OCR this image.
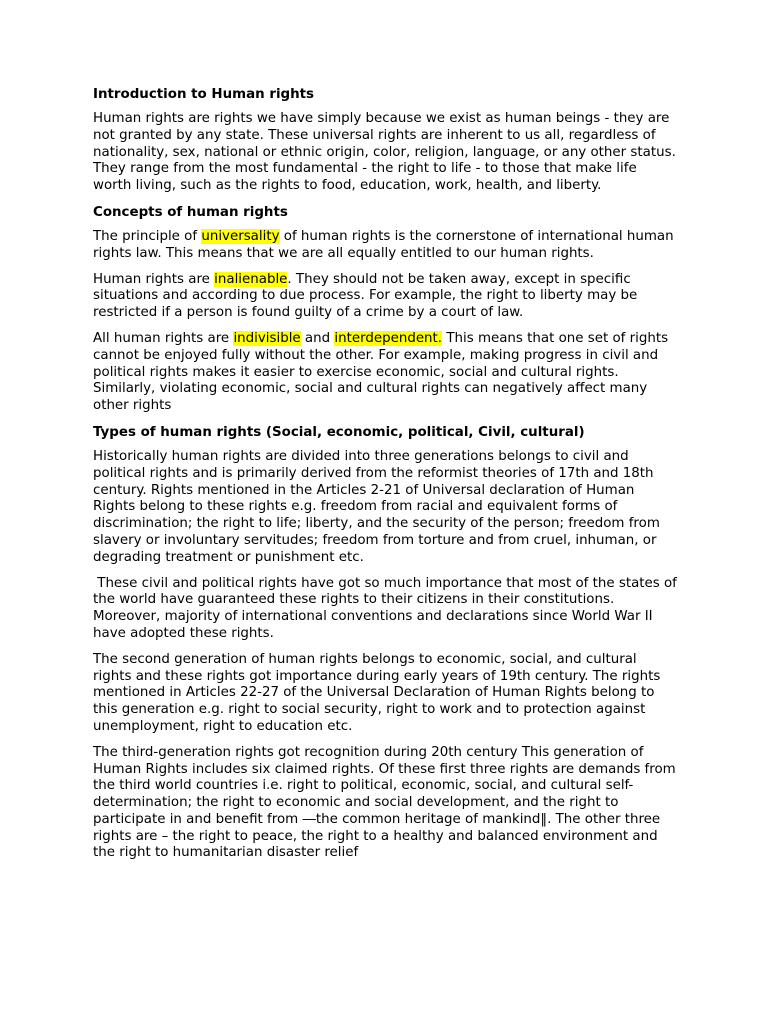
Introduction to Human rights

Human rights are rights we have simply because we exist as human beings - they are not granted by any state. These universal rights are inherent to us all, regardless of nationality, sex, national or ethnic origin, color, religion, language, or any other status. They range from the most fundamental - the right to life - to those that make life worth living, such as the rights to food, education, work, health, and liberty.

Concepts of human rights

The principle of universality of human rights is the cornerstone of international human rights law. This means that we are all equally entitled to our human rights.

Human rights are inalienable. They should not be taken away, except in specific situations and according to due process. For example, the right to liberty may be restricted if a person is found guilty of a crime by a court of law.

All human rights are indivisible and interdependent. This means that one set of rights cannot be enjoyed fully without the other. For example, making progress in civil and political rights makes it easier to exercise economic, social and cultural rights. Similarly, violating economic, social and cultural rights can negatively affect many other rights

Types of human rights (Social, economic, political, Civil, cultural)

Historically human rights are divided into three generations belongs to civil and political rights and is primarily derived from the reformist theories of 17th and 18th century. Rights mentioned in the Articles 2-21 of Universal declaration of Human Rights belong to these rights e.g. freedom from racial and equivalent forms of discrimination; the right to life; liberty, and the security of the person; freedom from slavery or involuntary servitudes; freedom from torture and from cruel, inhuman, or degrading treatment or punishment etc.

These civil and political rights have got so much importance that most of the states of the world have guaranteed these rights to their citizens in their constitutions. Moreover, majority of international conventions and declarations since World War II have adopted these rights.

The second generation of human rights belongs to economic, social, and cultural rights and these rights got importance during early years of 19th century. The rights mentioned in Articles 22-27 of the Universal Declaration of Human Rights belong to this generation e.g. right to social security, right to work and to protection against unemployment, right to education etc.

The third-generation rights got recognition during 20th century This generation of Human Rights includes six claimed rights. Of these first three rights are demands from the third world countries i.e. right to political, economic, social, and cultural self-determination; the right to economic and social development, and the right to participate in and benefit from ―the common heritage of mankind‖. The other three rights are – the right to peace, the right to a healthy and balanced environment and the right to humanitarian disaster relief
